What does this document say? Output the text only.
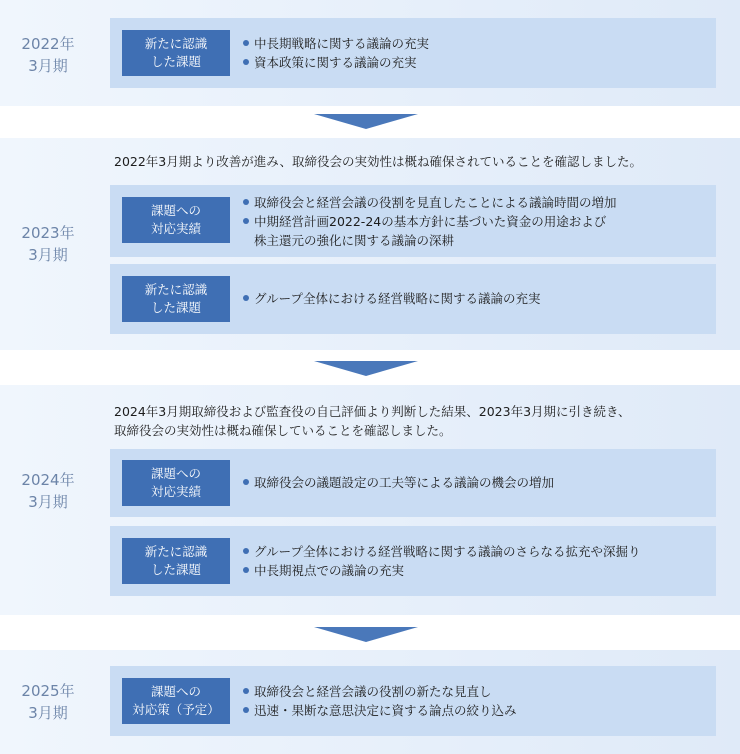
2022年
3月期
新たに認識
した課題
中長期戦略に関する議論の充実
資本政策に関する議論の充実
2022年3月期より改善が進み、取締役会の実効性は概ね確保されていることを確認しました。
2023年
3月期
課題への
対応実績
取締役会と経営会議の役割を見直したことによる議論時間の増加
中期経営計画2022-24の基本方針に基づいた資金の用途および
株主還元の強化に関する議論の深耕
新たに認識
した課題
グループ全体における経営戦略に関する議論の充実
2024年3月期取締役および監査役の自己評価より判断した結果、2023年3月期に引き続き、
取締役会の実効性は概ね確保していることを確認しました。
2024年
3月期
課題への
対応実績
取締役会の議題設定の工夫等による議論の機会の増加
新たに認識
した課題
グループ全体における経営戦略に関する議論のさらなる拡充や深掘り
中長期視点での議論の充実
2025年
3月期
課題への
対応策（予定）
取締役会と経営会議の役割の新たな見直し
迅速・果断な意思決定に資する論点の絞り込み
